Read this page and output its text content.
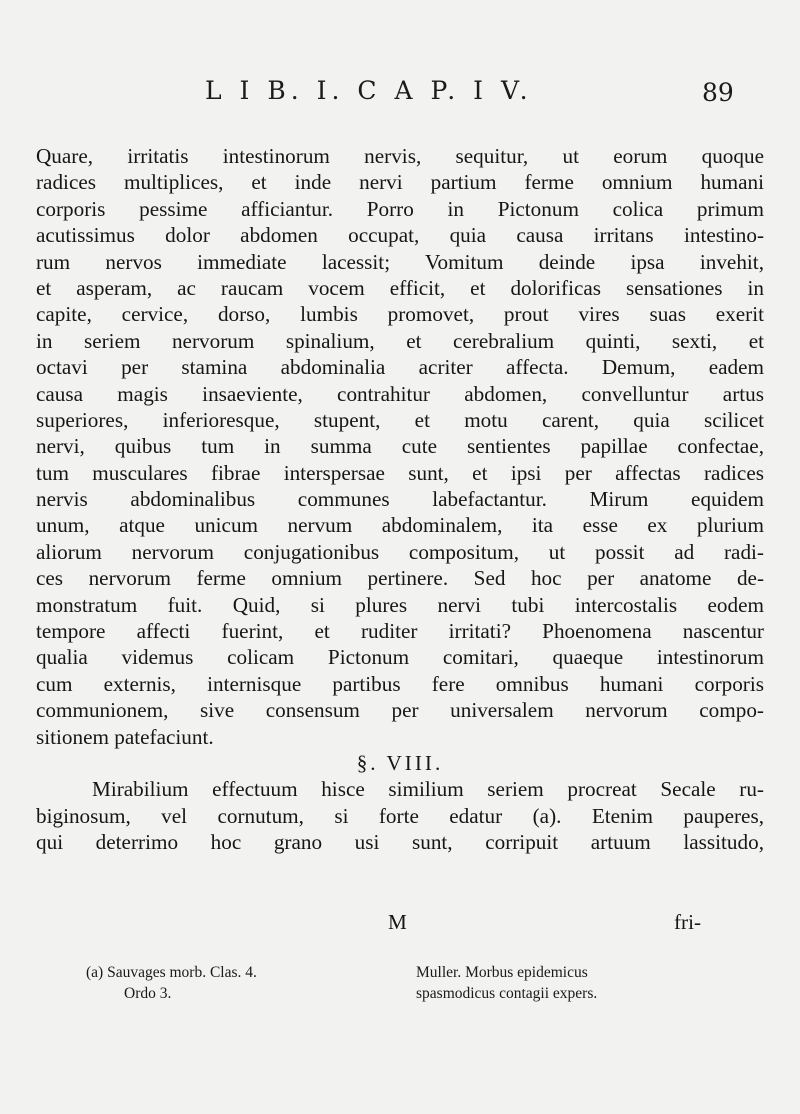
L I B. I. C A P. I V.	89
Quare, irritatis intestinorum nervis, sequitur, ut eorum quoque
radices multiplices, et inde nervi partium ferme omnium humani
corporis pessime afficiantur. Porro in Pictonum colica primum
acutissimus dolor abdomen occupat, quia causa irritans intestino-
rum nervos immediate lacessit; Vomitum deinde ipsa invehit,
et asperam, ac raucam vocem efficit, et dolorificas sensationes in
capite, cervice, dorso, lumbis promovet, prout vires suas exerit
in seriem nervorum spinalium, et cerebralium quinti, sexti, et
octavi per stamina abdominalia acriter affecta. Demum, eadem
causa magis insaeviente, contrahitur abdomen, convelluntur artus
superiores, inferioresque, stupent, et motu carent, quia scilicet
nervi, quibus tum in summa cute sentientes papillae confectae,
tum musculares fibrae interspersae sunt, et ipsi per affectas radices
nervis abdominalibus communes labefactantur. Mirum equidem
unum, atque unicum nervum abdominalem, ita esse ex plurium
aliorum nervorum conjugationibus compositum, ut possit ad radi-
ces nervorum ferme omnium pertinere. Sed hoc per anatome de-
monstratum fuit. Quid, si plures nervi tubi intercostalis eodem
tempore affecti fuerint, et ruditer irritati? Phoenomena nascentur
qualia videmus colicam Pictonum comitari, quaeque intestinorum
cum externis, internisque partibus fere omnibus humani corporis
communionem, sive consensum per universalem nervorum compo-
sitionem patefaciunt.
§. VIII.
Mirabilium effectuum hisce similium seriem procreat Secale ru-
biginosum, vel cornutum, si forte edatur (a). Etenim pauperes,
qui deterrimo hoc grano usi sunt, corripuit artuum lassitudo,
M	fri-
(a) Sauvages morb. Clas. 4.
Ordo 3.
Muller. Morbus epidemicus
spasmodicus contagii expers.
